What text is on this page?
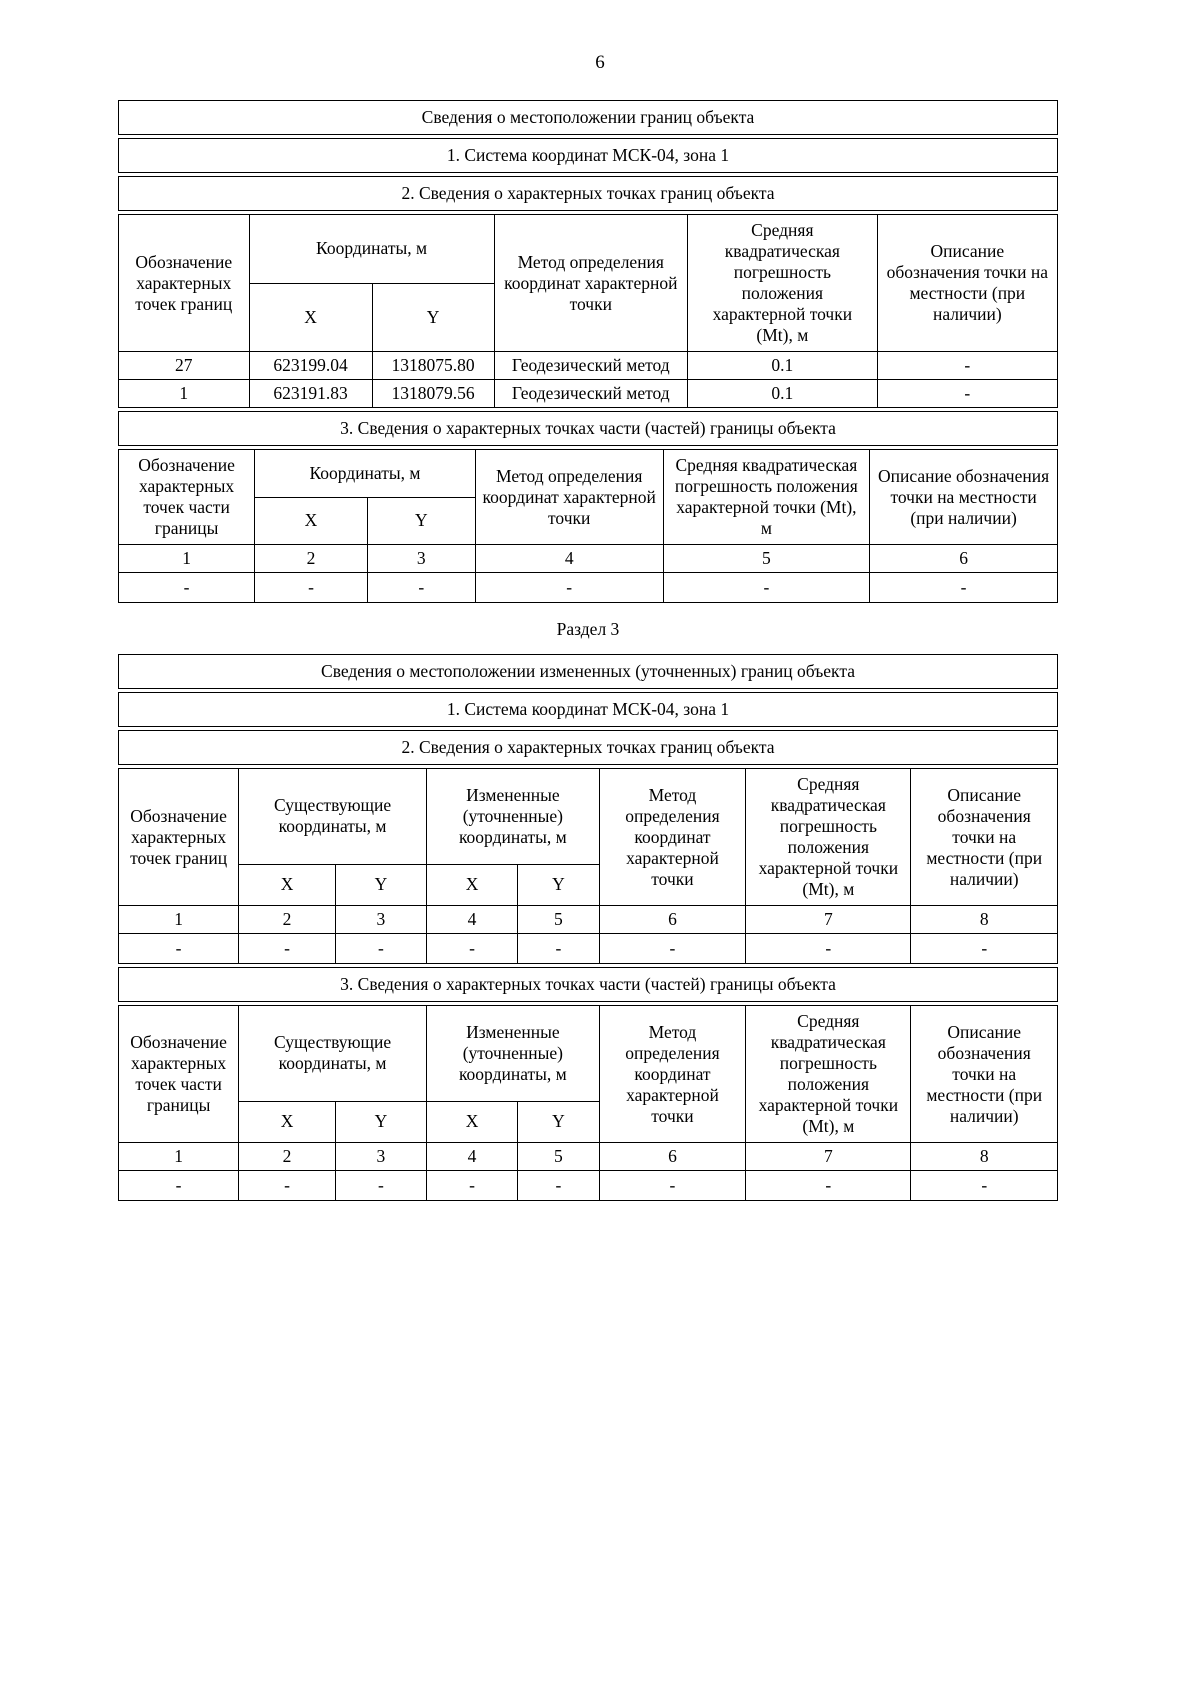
6
Сведения о местоположении границ объекта
1. Система координат МСК-04, зона 1
2. Сведения о характерных точках границ объекта
Обозначение характерных точек границ	Координаты, м		Метод определения координат характерной точки	Средняя квадратическая погрешность положения характерной точки (Mt), м	Описание обозначения точки на местности (при наличии)
	X	Y			
27	623199.04	1318075.80	Геодезический метод	0.1	-
1	623191.83	1318079.56	Геодезический метод	0.1	-
3. Сведения о характерных точках части (частей) границы объекта
Обозначение характерных точек части границы	Координаты, м		Метод определения координат характерной точки	Средняя квадратическая погрешность положения характерной точки (Mt), м	Описание обозначения точки на местности (при наличии)
	X	Y			
1	2	3	4	5	6
-	-	-	-	-	-
Раздел 3
Сведения о местоположении измененных (уточненных) границ объекта
1. Система координат МСК-04, зона 1
2. Сведения о характерных точках границ объекта
Обозначение характерных точек границ	Существующие координаты, м		Измененные (уточненные) координаты, м		Метод определения координат характерной точки	Средняя квадратическая погрешность положения характерной точки (Mt), м	Описание обозначения точки на местности (при наличии)
	X	Y	X	Y			
1	2	3	4	5	6	7	8
-	-	-	-	-	-	-	-
3. Сведения о характерных точках части (частей) границы объекта
Обозначение характерных точек части границы	Существующие координаты, м		Измененные (уточненные) координаты, м		Метод определения координат характерной точки	Средняя квадратическая погрешность положения характерной точки (Mt), м	Описание обозначения точки на местности (при наличии)
	X	Y	X	Y			
1	2	3	4	5	6	7	8
-	-	-	-	-	-	-	-
